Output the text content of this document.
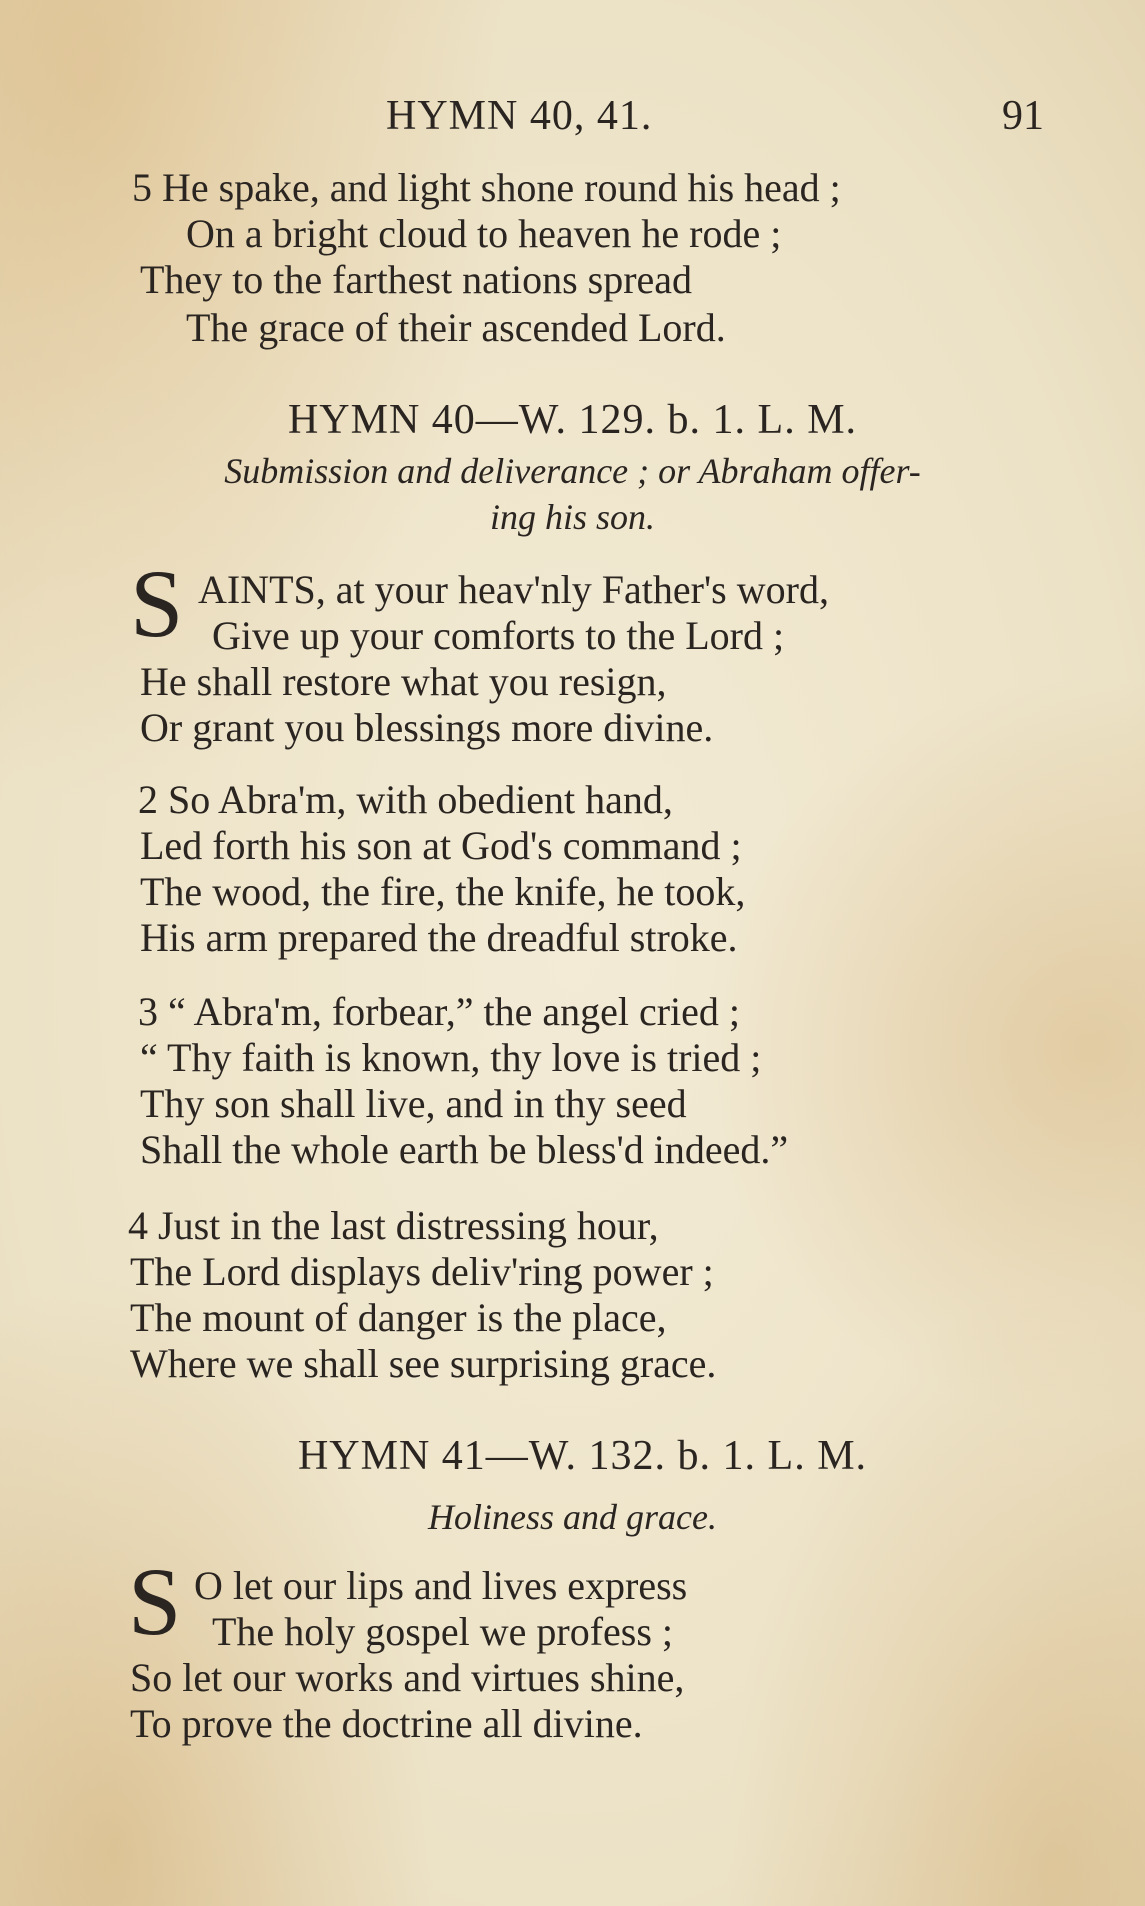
HYMN 40, 41.	91
5 He spake, and light shone round his head ;
On a bright cloud to heaven he rode ;
They to the farthest nations spread
The grace of their ascended Lord.
HYMN 40—W. 129. b. 1. L. M.
Submission and deliverance ; or Abraham offer-
ing his son.
S AINTS, at your heav'nly Father's word,
Give up your comforts to the Lord ;
He shall restore what you resign,
Or grant you blessings more divine.
2 So Abra'm, with obedient hand,
Led forth his son at God's command ;
The wood, the fire, the knife, he took,
His arm prepared the dreadful stroke.
3 “ Abra'm, forbear,” the angel cried ;
“ Thy faith is known, thy love is tried ;
Thy son shall live, and in thy seed
Shall the whole earth be bless'd indeed.”
4 Just in the last distressing hour,
The Lord displays deliv'ring power ;
The mount of danger is the place,
Where we shall see surprising grace.
HYMN 41—W. 132. b. 1. L. M.
Holiness and grace.
S O let our lips and lives express
The holy gospel we profess ;
So let our works and virtues shine,
To prove the doctrine all divine.
